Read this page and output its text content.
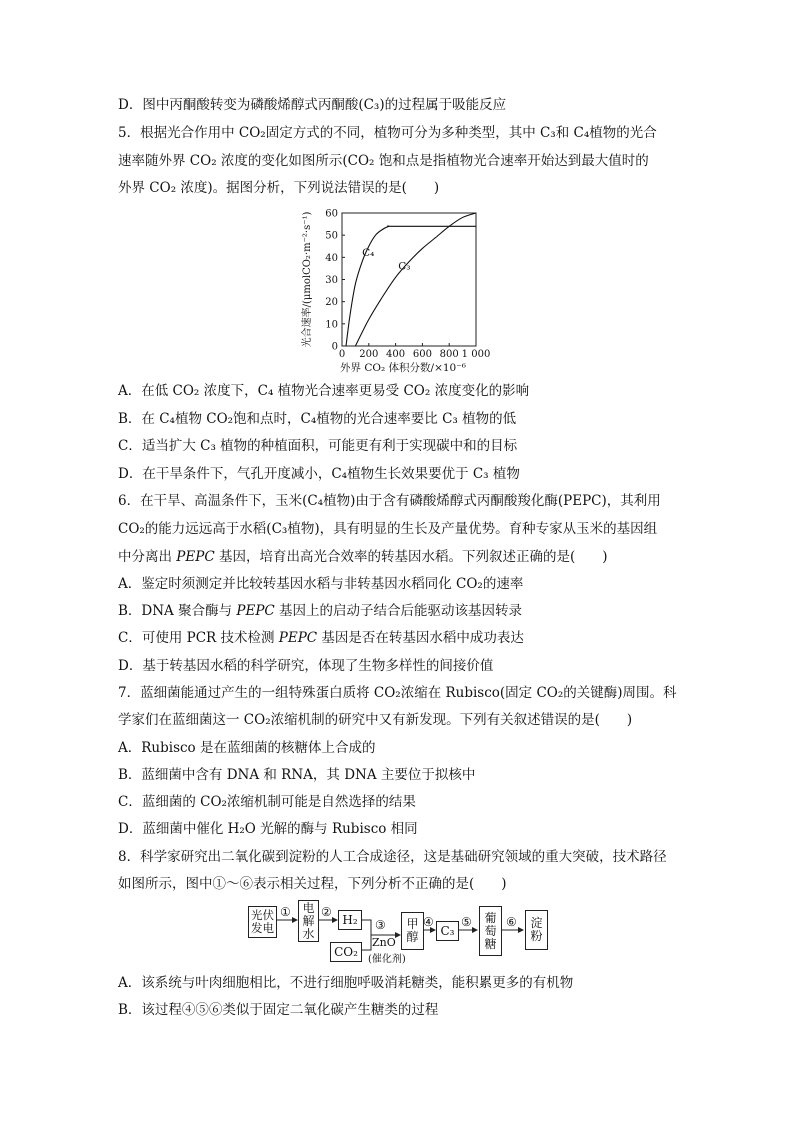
D．图中丙酮酸转变为磷酸烯醇式丙酮酸(C₃)的过程属于吸能反应
5．根据光合作用中 CO₂固定方式的不同，植物可分为多种类型，其中 C₃和 C₄植物的光合
速率随外界 CO₂ 浓度的变化如图所示(CO₂ 饱和点是指植物光合速率开始达到最大值时的
外界 CO₂ 浓度)。据图分析，下列说法错误的是(　　)
0 200 400 600 800 1 000
0
10
20
30
40
50
60
外界 CO₂ 体积分数/×10⁻⁶
光合速率/(μmolCO₂·m⁻²·s⁻¹)	C₄
C₃
A．在低 CO₂ 浓度下，C₄ 植物光合速率更易受 CO₂ 浓度变化的影响
B．在 C₄植物 CO₂饱和点时，C₄植物的光合速率要比 C₃ 植物的低
C．适当扩大 C₃ 植物的种植面积，可能更有利于实现碳中和的目标
D．在干旱条件下，气孔开度减小，C₄植物生长效果要优于 C₃ 植物
6．在干旱、高温条件下，玉米(C₄植物)由于含有磷酸烯醇式丙酮酸羧化酶(PEPC)，其利用
CO₂的能力远远高于水稻(C₃植物)，具有明显的生长及产量优势。育种专家从玉米的基因组
中分离出 PEPC 基因，培育出高光合效率的转基因水稻。下列叙述正确的是(　　)
A．鉴定时须测定并比较转基因水稻与非转基因水稻同化 CO₂的速率
B．DNA 聚合酶与 PEPC 基因上的启动子结合后能驱动该基因转录
C．可使用 PCR 技术检测 PEPC 基因是否在转基因水稻中成功表达
D．基于转基因水稻的科学研究，体现了生物多样性的间接价值
7．蓝细菌能通过产生的一组特殊蛋白质将 CO₂浓缩在 Rubisco(固定 CO₂的关键酶)周围。科
学家们在蓝细菌这一 CO₂浓缩机制的研究中又有新发现。下列有关叙述错误的是(　　)
A．Rubisco 是在蓝细菌的核糖体上合成的
B．蓝细菌中含有 DNA 和 RNA，其 DNA 主要位于拟核中
C．蓝细菌的 CO₂浓缩机制可能是自然选择的结果
D．蓝细菌中催化 H₂O 光解的酶与 Rubisco 相同
8．科学家研究出二氧化碳到淀粉的人工合成途径，这是基础研究领域的重大突破，技术路径
如图所示，图中①～⑥表示相关过程，下列分析不正确的是(　　)
光伏发电
① 电解水
②
H₂
CO₂
③
ZnO
(催化剂)
甲醇
④
C₃
⑤ 葡萄糖
⑥ 淀粉
A．该系统与叶肉细胞相比，不进行细胞呼吸消耗糖类，能积累更多的有机物
B．该过程④⑤⑥类似于固定二氧化碳产生糖类的过程
